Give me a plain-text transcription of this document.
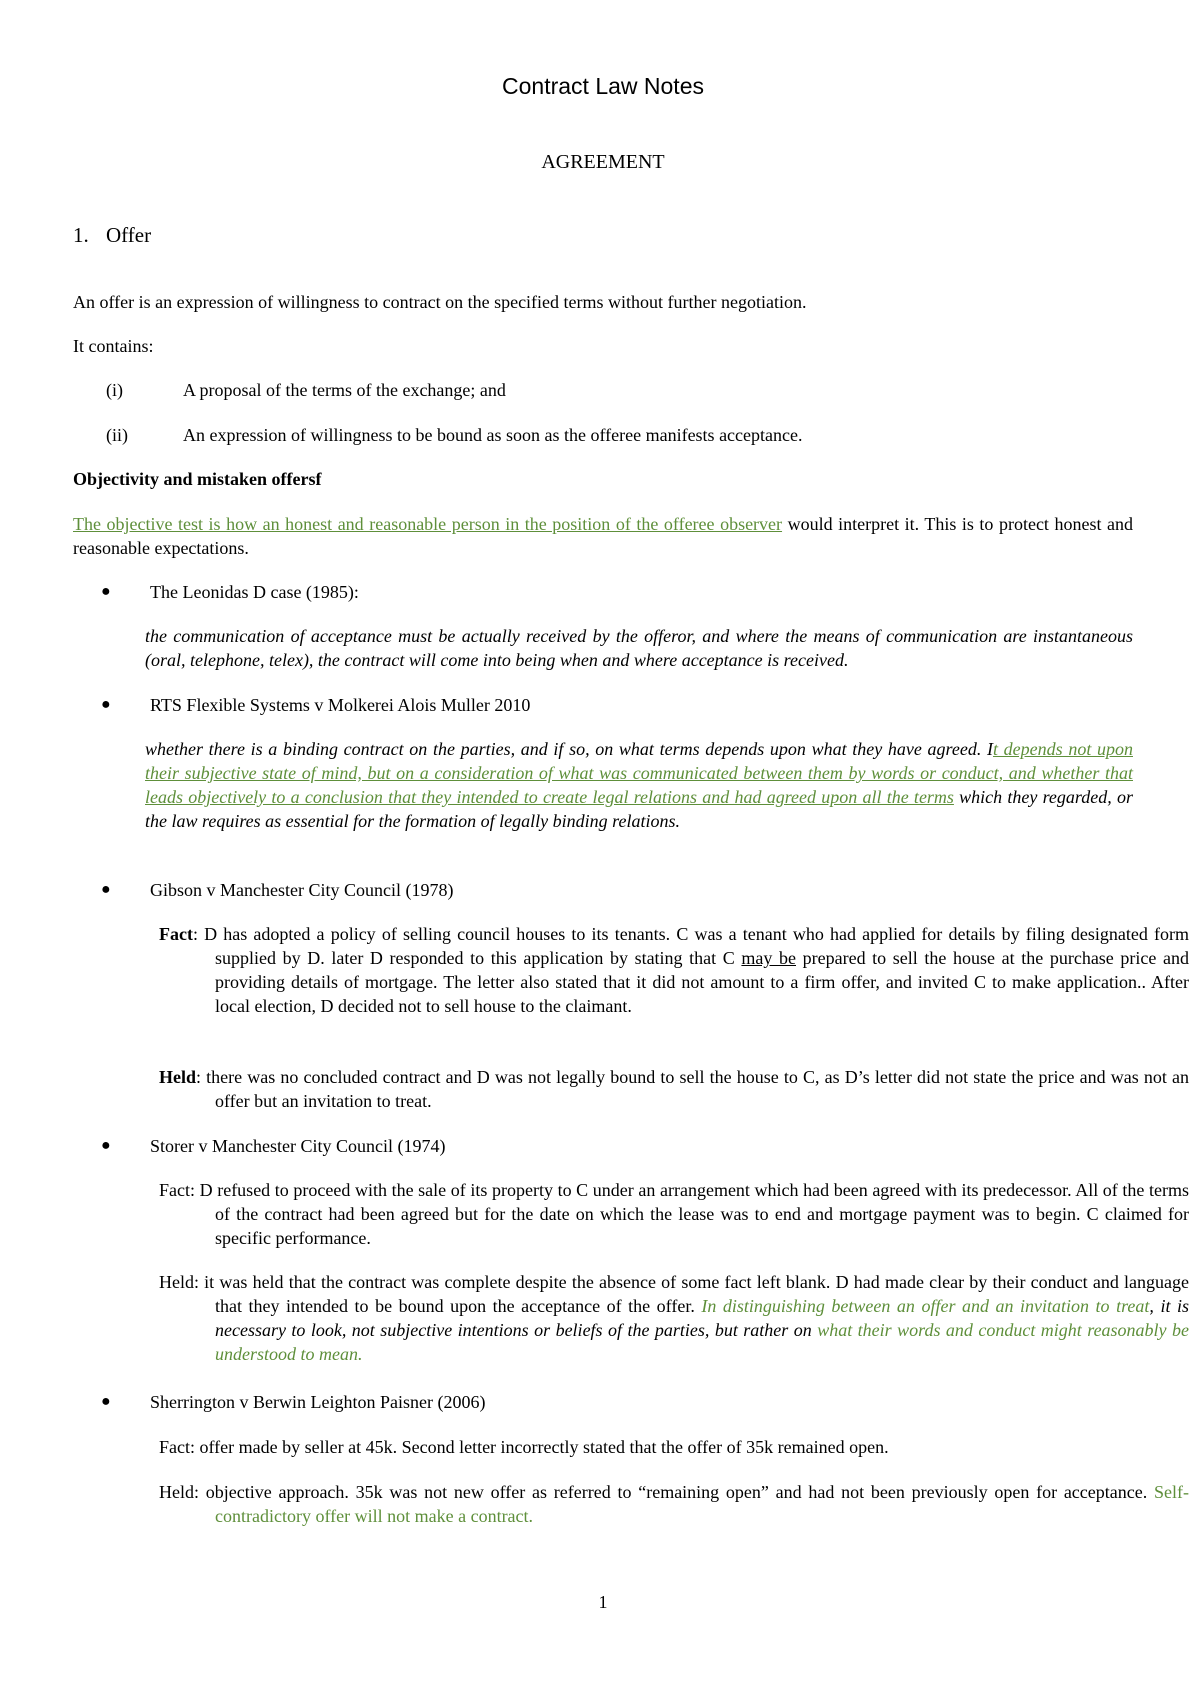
Contract Law Notes

AGREEMENT

1. Offer

An offer is an expression of willingness to contract on the specified terms without further negotiation.

It contains:

(i)	A proposal of the terms of the exchange; and
(ii)	An expression of willingness to be bound as soon as the offeree manifests acceptance.

Objectivity and mistaken offersf

The objective test is how an honest and reasonable person in the position of the offeree observer would interpret it. This is to protect honest and reasonable expectations.

● The Leonidas D case (1985):

the communication of acceptance must be actually received by the offeror, and where the means of communication are instantaneous (oral, telephone, telex), the contract will come into being when and where acceptance is received.

● RTS Flexible Systems v Molkerei Alois Muller 2010

whether there is a binding contract on the parties, and if so, on what terms depends upon what they have agreed. It depends not upon their subjective state of mind, but on a consideration of what was communicated between them by words or conduct, and whether that leads objectively to a conclusion that they intended to create legal relations and had agreed upon all the terms which they regarded, or the law requires as essential for the formation of legally binding relations.

● Gibson v Manchester City Council (1978)

Fact: D has adopted a policy of selling council houses to its tenants. C was a tenant who had applied for details by filing designated form supplied by D. later D responded to this application by stating that C may be prepared to sell the house at the purchase price and providing details of mortgage. The letter also stated that it did not amount to a firm offer, and invited C to make application.. After local election, D decided not to sell house to the claimant.

Held: there was no concluded contract and D was not legally bound to sell the house to C, as D’s letter did not state the price and was not an offer but an invitation to treat.

● Storer v Manchester City Council (1974)

Fact: D refused to proceed with the sale of its property to C under an arrangement which had been agreed with its predecessor. All of the terms of the contract had been agreed but for the date on which the lease was to end and mortgage payment was to begin. C claimed for specific performance.

Held: it was held that the contract was complete despite the absence of some fact left blank. D had made clear by their conduct and language that they intended to be bound upon the acceptance of the offer. In distinguishing between an offer and an invitation to treat, it is necessary to look, not subjective intentions or beliefs of the parties, but rather on what their words and conduct might reasonably be understood to mean.

● Sherrington v Berwin Leighton Paisner (2006)

Fact: offer made by seller at 45k. Second letter incorrectly stated that the offer of 35k remained open.

Held: objective approach. 35k was not new offer as referred to “remaining open” and had not been previously open for acceptance. Self-contradictory offer will not make a contract.

1
